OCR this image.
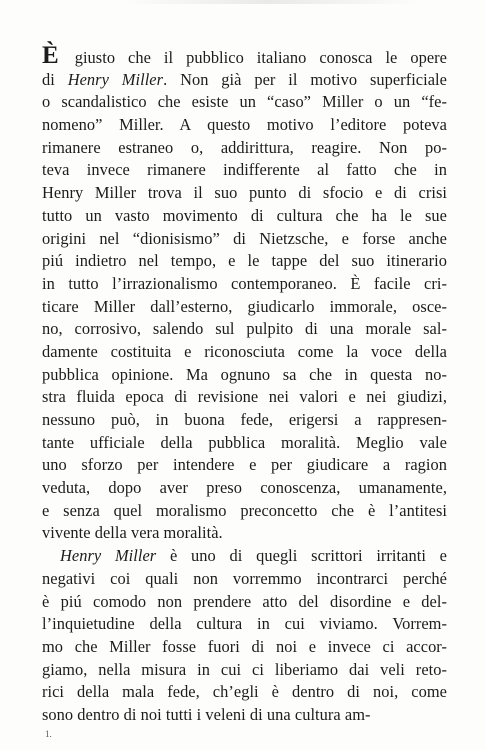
È giusto che il pubblico italiano conosca le opere
di Henry Miller. Non già per il motivo superficiale
o scandalistico che esiste un “caso” Miller o un “fe-
nomeno” Miller. A questo motivo l’editore poteva
rimanere estraneo o, addirittura, reagire. Non po-
teva invece rimanere indifferente al fatto che in
Henry Miller trova il suo punto di sfocio e di crisi
tutto un vasto movimento di cultura che ha le sue
origini nel “dionisismo” di Nietzsche, e forse anche
piú indietro nel tempo, e le tappe del suo itinerario
in tutto l’irrazionalismo contemporaneo. È facile cri-
ticare Miller dall’esterno, giudicarlo immorale, osce-
no, corrosivo, salendo sul pulpito di una morale sal-
damente costituita e riconosciuta come la voce della
pubblica opinione. Ma ognuno sa che in questa no-
stra fluida epoca di revisione nei valori e nei giudizi,
nessuno può, in buona fede, erigersi a rappresen-
tante ufficiale della pubblica moralità. Meglio vale
uno sforzo per intendere e per giudicare a ragion
veduta, dopo aver preso conoscenza, umanamente,
e senza quel moralismo preconcetto che è l’antitesi
vivente della vera moralità.
Henry Miller è uno di quegli scrittori irritanti e
negativi coi quali non vorremmo incontrarci perché
è piú comodo non prendere atto del disordine e del-
l’inquietudine della cultura in cui viviamo. Vorrem-
mo che Miller fosse fuori di noi e invece ci accor-
giamo, nella misura in cui ci liberiamo dai veli reto-
rici della mala fede, ch’egli è dentro di noi, come
sono dentro di noi tutti i veleni di una cultura am-
1.
